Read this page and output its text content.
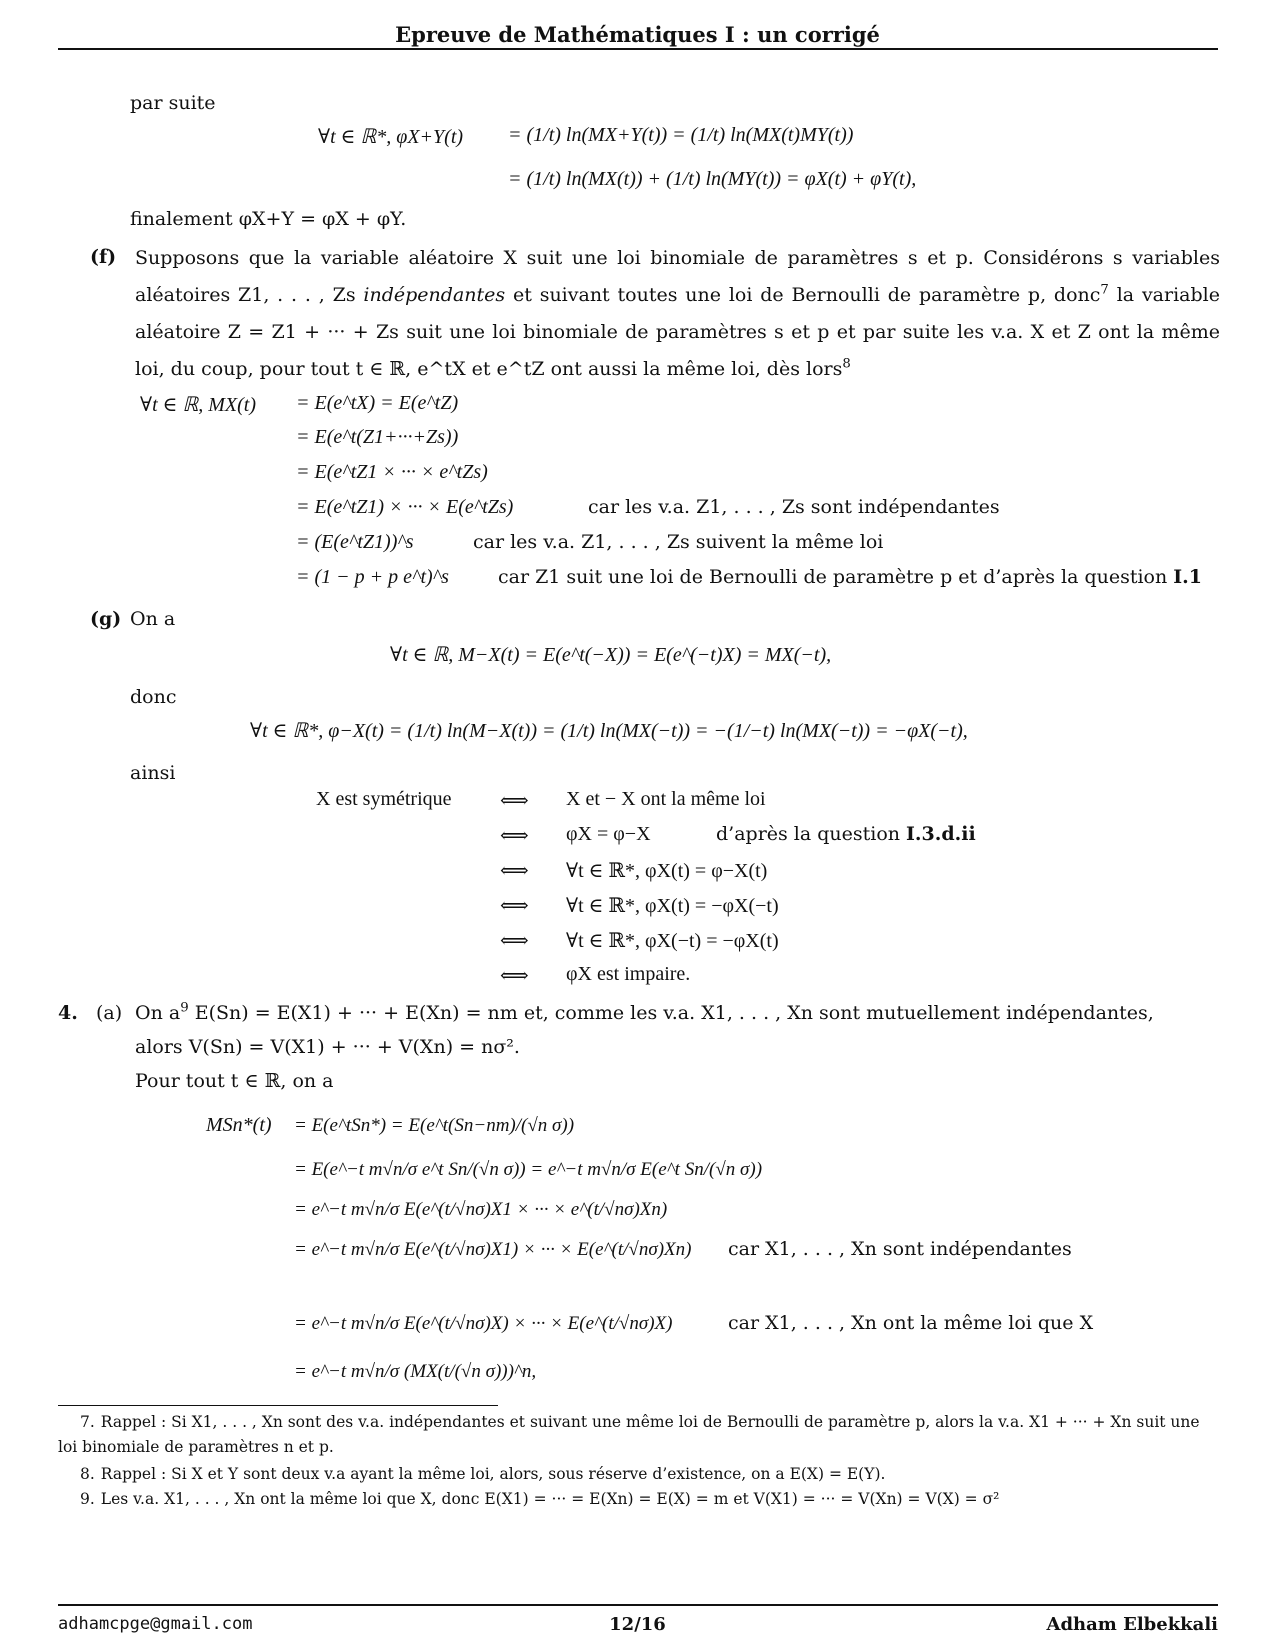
Epreuve de Mathématiques I : un corrigé
par suite
∀t ∈ ℝ*, φX+Y(t) = (1/t) ln(MX+Y(t)) = (1/t) ln(MX(t)MY(t))
= (1/t) ln(MX(t)) + (1/t) ln(MY(t)) = φX(t) + φY(t),
finalement φX+Y = φX + φY.
(f) Supposons que la variable aléatoire X suit une loi binomiale de paramètres s et p. Considérons s variables aléatoires Z1, . . . , Zs indépendantes et suivant toutes une loi de Bernoulli de paramètre p, donc$^7$ la variable aléatoire Z = Z1 + ··· + Zs suit une loi binomiale de paramètres s et p et par suite les v.a. X et Z ont la même loi, du coup, pour tout t ∈ ℝ, e^tX et e^tZ ont aussi la même loi, dès lors$^8$
∀t ∈ ℝ, MX(t) = E(e^tX) = E(e^tZ)
= E(e^t(Z1+···+Zs))
= E(e^tZ1 × ··· × e^tZs)
= E(e^tZ1) × ··· × E(e^tZs)	car les v.a. Z1, . . . , Zs sont indépendantes
= (E(e^tZ1))^s	car les v.a. Z1, . . . , Zs suivent la même loi
= (1 − p + p e^t)^s	car Z1 suit une loi de Bernoulli de paramètre p et d’après la question I.1
(g) On a
∀t ∈ ℝ, M−X(t) = E(e^t(−X)) = E(e^(−t)X) = MX(−t),
donc
∀t ∈ ℝ*, φ−X(t) = (1/t) ln(M−X(t)) = (1/t) ln(MX(−t)) = −(1/−t) ln(MX(−t)) = −φX(−t),
ainsi
X est symétrique ⟺ X et − X ont la même loi
⟺ φX = φ−X	d’après la question I.3.d.ii
⟺ ∀t ∈ ℝ*, φX(t) = φ−X(t)
⟺ ∀t ∈ ℝ*, φX(t) = −φX(−t)
⟺ ∀t ∈ ℝ*, φX(−t) = −φX(t)
⟺ φX est impaire.
4. (a) On $a^9$ E(Sn) = E(X1) + ··· + E(Xn) = nm et, comme les v.a. X1, . . . , Xn sont mutuellement indépendantes,
alors V(Sn) = V(X1) + ··· + V(Xn) = nσ².
Pour tout t ∈ ℝ, on a
MSn*(t) = E(e^tSn*) = E(e^t(Sn−nm)/(√n σ))
= E(e^−t m√n/σ e^t Sn/(√n σ)) = e^−t m√n/σ E(e^t Sn/(√n σ))
= e^−t m√n/σ E(e^(t/√nσ)X1 × ··· × e^(t/√nσ)Xn)
= e^−t m√n/σ E(e^(t/√nσ)X1) × ··· × E(e^(t/√nσ)Xn) car X1, . . . , Xn sont indépendantes
= e^−t m√n/σ E(e^(t/√nσ)X) × ··· × E(e^(t/√nσ)X)	car X1, . . . , Xn ont la même loi que X
= e^−t m√n/σ (MX(t/(√n σ)))^n,
7. Rappel : Si X1, . . . , Xn sont des v.a. indépendantes et suivant une même loi de Bernoulli de paramètre p, alors la v.a. X1 + ··· + Xn suit une loi binomiale de paramètres n et p.
8. Rappel : Si X et Y sont deux v.a ayant la même loi, alors, sous réserve d’existence, on a E(X) = E(Y).
9. Les v.a. X1, . . . , Xn ont la même loi que X, donc E(X1) = ··· = E(Xn) = E(X) = m et V(X1) = ··· = V(Xn) = V(X) = σ²
adhamcpge@gmail.com	12/16	Adham Elbekkali
